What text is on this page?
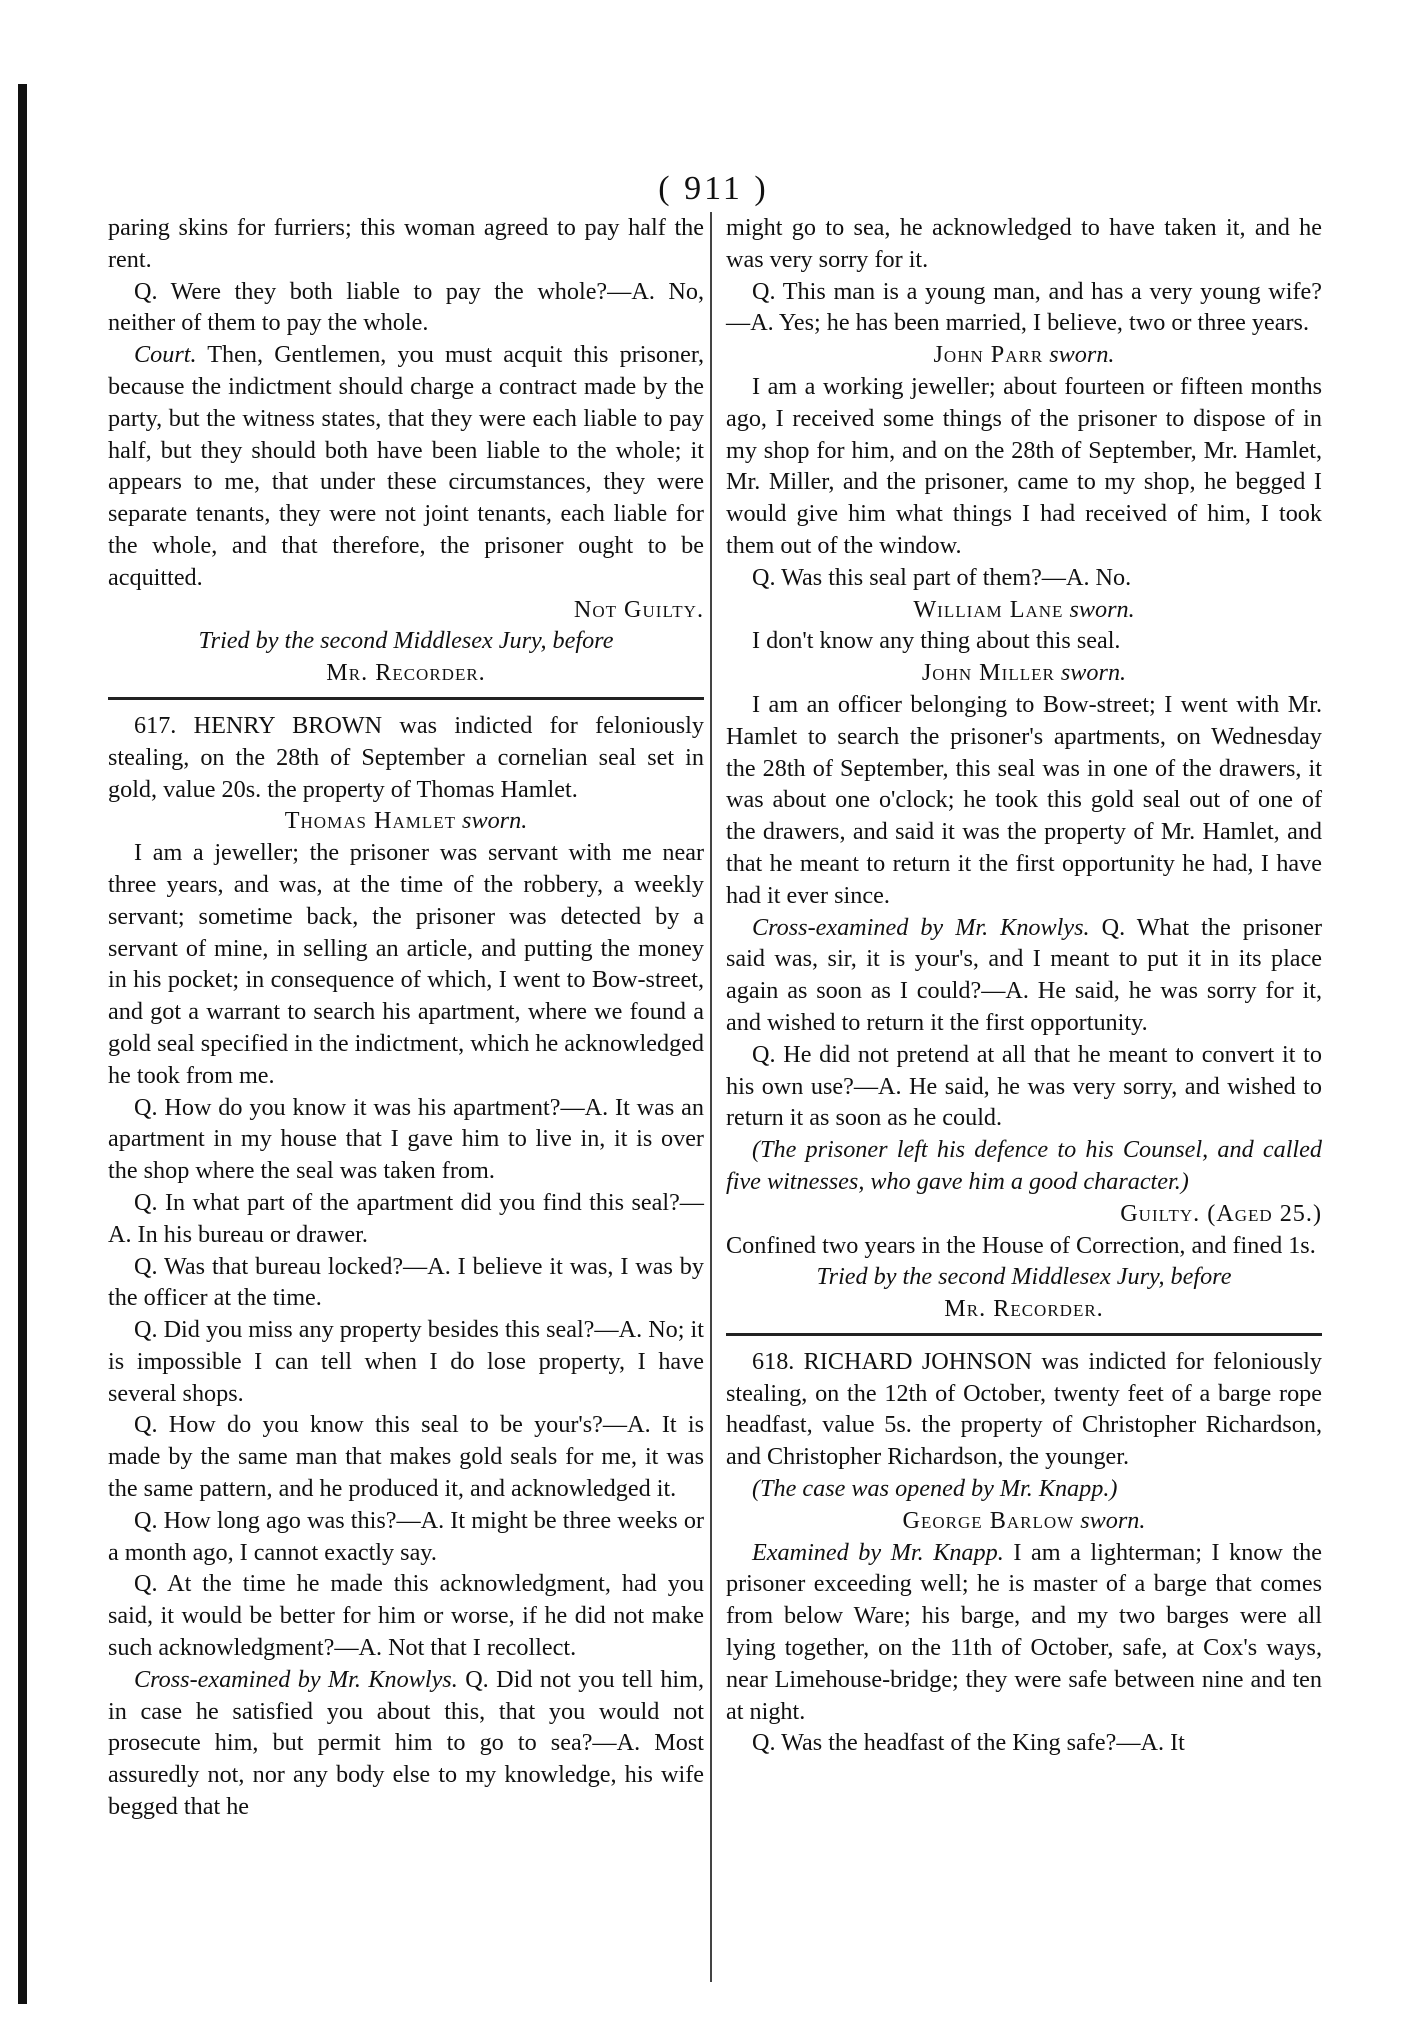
( 911 )

paring skins for furriers; this woman agreed to pay half the rent.

Q. Were they both liable to pay the whole?—A. No, neither of them to pay the whole.

Court. Then, Gentlemen, you must acquit this prisoner, because the indictment should charge a contract made by the party, but the witness states, that they were each liable to pay half, but they should both have been liable to the whole; it appears to me, that under these circumstances, they were separate tenants, they were not joint tenants, each liable for the whole, and that therefore, the prisoner ought to be acquitted.

Not Guilty.

Tried by the second Middlesex Jury, before

Mr. Recorder.

617. HENRY BROWN was indicted for feloniously stealing, on the 28th of September a cornelian seal set in gold, value 20s. the property of Thomas Hamlet.

Thomas Hamlet sworn.

I am a jeweller; the prisoner was servant with me near three years, and was, at the time of the robbery, a weekly servant; sometime back, the prisoner was detected by a servant of mine, in selling an article, and putting the money in his pocket; in consequence of which, I went to Bow-street, and got a warrant to search his apartment, where we found a gold seal specified in the indictment, which he acknowledged he took from me.

Q. How do you know it was his apartment?—A. It was an apartment in my house that I gave him to live in, it is over the shop where the seal was taken from.

Q. In what part of the apartment did you find this seal?—A. In his bureau or drawer.

Q. Was that bureau locked?—A. I believe it was, I was by the officer at the time.

Q. Did you miss any property besides this seal?—A. No; it is impossible I can tell when I do lose property, I have several shops.

Q. How do you know this seal to be your's?—A. It is made by the same man that makes gold seals for me, it was the same pattern, and he produced it, and acknowledged it.

Q. How long ago was this?—A. It might be three weeks or a month ago, I cannot exactly say.

Q. At the time he made this acknowledgment, had you said, it would be better for him or worse, if he did not make such acknowledgment?—A. Not that I recollect.

Cross-examined by Mr. Knowlys. Q. Did not you tell him, in case he satisfied you about this, that you would not prosecute him, but permit him to go to sea?—A. Most assuredly not, nor any body else to my knowledge, his wife begged that he

might go to sea, he acknowledged to have taken it, and he was very sorry for it.

Q. This man is a young man, and has a very young wife?—A. Yes; he has been married, I believe, two or three years.

John Parr sworn.

I am a working jeweller; about fourteen or fifteen months ago, I received some things of the prisoner to dispose of in my shop for him, and on the 28th of September, Mr. Hamlet, Mr. Miller, and the prisoner, came to my shop, he begged I would give him what things I had received of him, I took them out of the window.

Q. Was this seal part of them?—A. No.

William Lane sworn.

I don't know any thing about this seal.

John Miller sworn.

I am an officer belonging to Bow-street; I went with Mr. Hamlet to search the prisoner's apartments, on Wednesday the 28th of September, this seal was in one of the drawers, it was about one o'clock; he took this gold seal out of one of the drawers, and said it was the property of Mr. Hamlet, and that he meant to return it the first opportunity he had, I have had it ever since.

Cross-examined by Mr. Knowlys. Q. What the prisoner said was, sir, it is your's, and I meant to put it in its place again as soon as I could?—A. He said, he was sorry for it, and wished to return it the first opportunity.

Q. He did not pretend at all that he meant to convert it to his own use?—A. He said, he was very sorry, and wished to return it as soon as he could.

(The prisoner left his defence to his Counsel, and called five witnesses, who gave him a good character.)

Guilty. (Aged 25.)

Confined two years in the House of Correction, and fined 1s.

Tried by the second Middlesex Jury, before

Mr. Recorder.

618. RICHARD JOHNSON was indicted for feloniously stealing, on the 12th of October, twenty feet of a barge rope headfast, value 5s. the property of Christopher Richardson, and Christopher Richardson, the younger.

(The case was opened by Mr. Knapp.)

George Barlow sworn.

Examined by Mr. Knapp. I am a lighterman; I know the prisoner exceeding well; he is master of a barge that comes from below Ware; his barge, and my two barges were all lying together, on the 11th of October, safe, at Cox's ways, near Limehouse-bridge; they were safe between nine and ten at night.

Q. Was the headfast of the King safe?—A. It
